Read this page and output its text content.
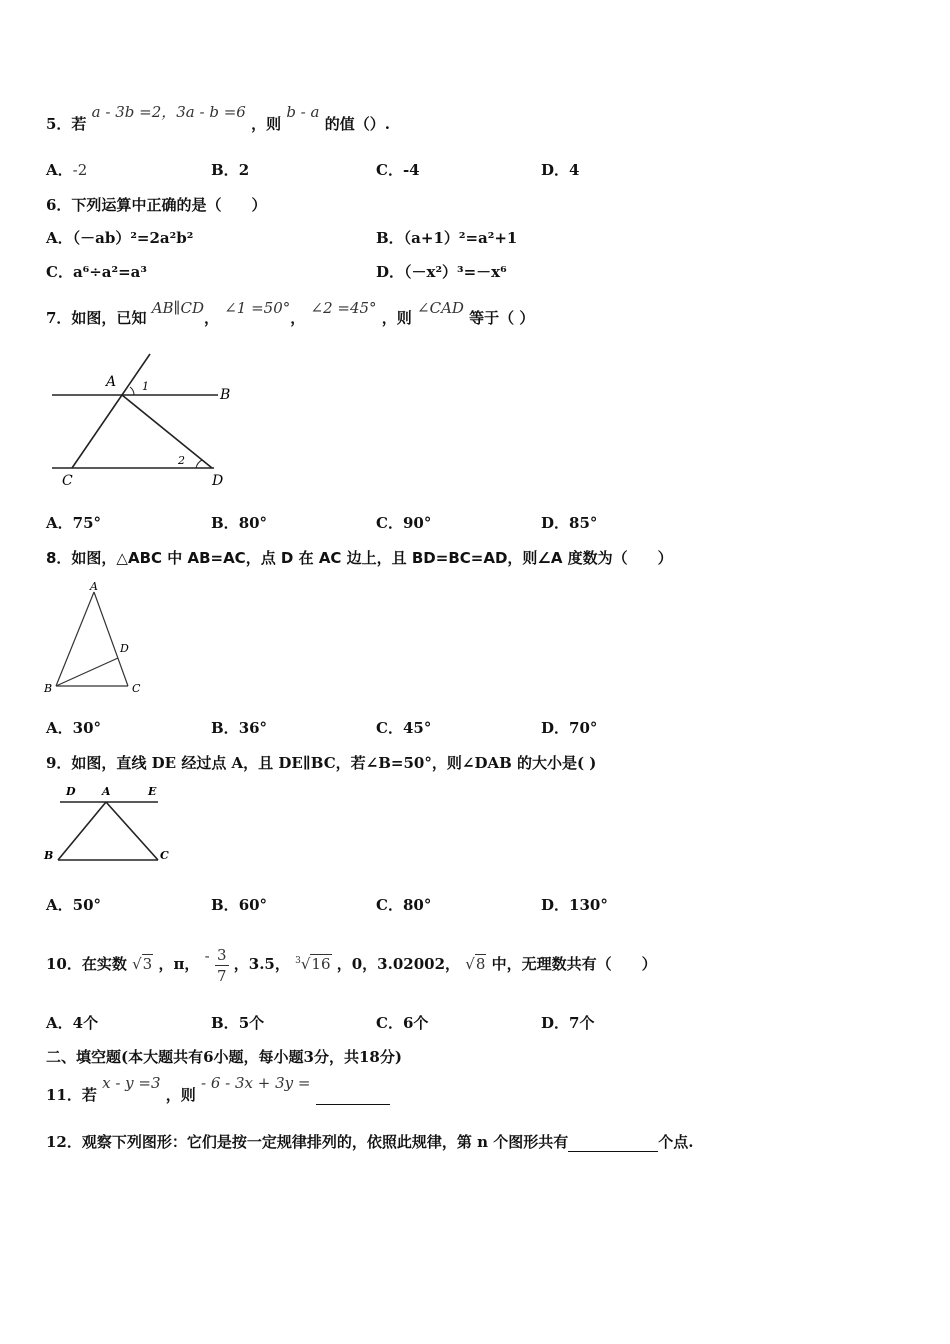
5．若 a - 3b =2，3a - b =6 ，则 b - a 的值（）.
A．-2	B．2	C．-4	D．4
6．下列运算中正确的是（　　）
A．（－ab）²=2a²b²	B．（a+1）²=a²+1
C．a⁶÷a²=a³	D．（－x²）³=－x⁶
7．如图，已知 AB∥CD， ∠1 =50°， ∠2 =45° ，则 ∠CAD 等于（ ）
A
B
C	D
1
2
A．75°	B．80°	C．90°	D．85°
8．如图，△ABC 中 AB=AC，点 D 在 AC 边上，且 BD=BC=AD，则∠A 度数为（　　）
A
B	C
D
A．30°	B．36°	C．45°	D．70°
9．如图，直线 DE 经过点 A，且 DE∥BC，若∠B=50°，则∠DAB 的大小是( )
D A	E
B	C
A．50°	B．60°	C．80°	D．130°
10．在实数 √3 ，π， - $\frac{3}{7}$ ，3.5， $^3$√16 ，0，3.02002， √8 中，无理数共有（　　）
A．4个	B．5个	C．6个	D．7个
二、填空题(本大题共有6小题，每小题3分，共18分)
11．若 x - y =3 ，则 - 6 - 3x + 3y =
12．观察下列图形：它们是按一定规律排列的，依照此规律，第 n 个图形共有	个点.
